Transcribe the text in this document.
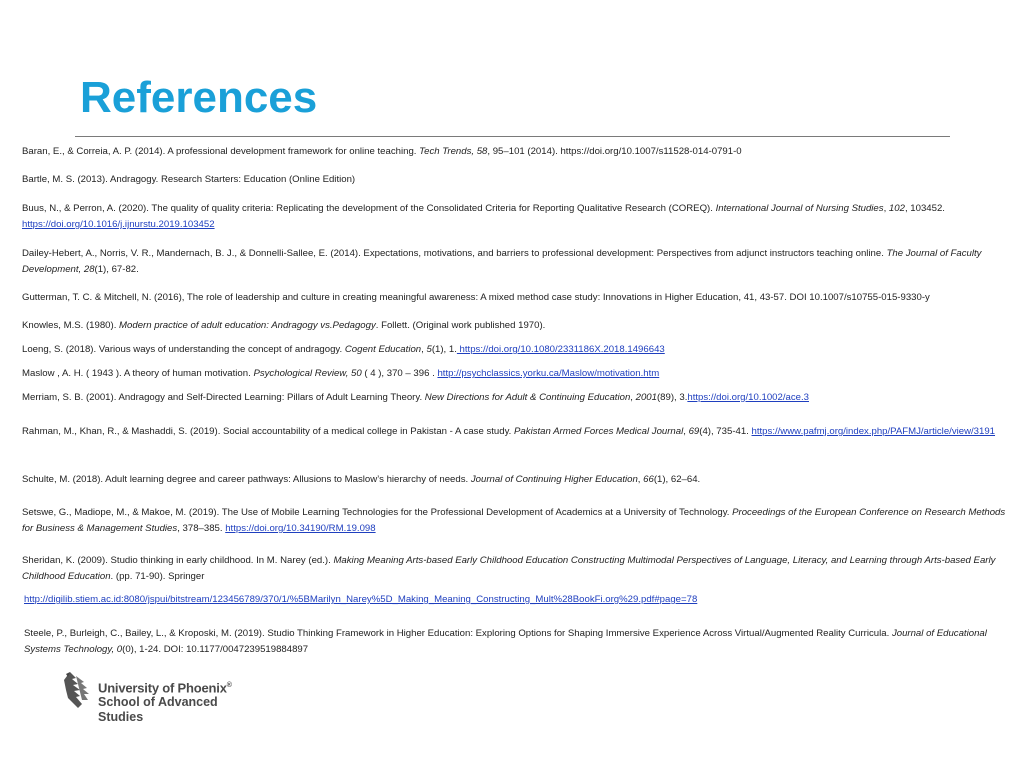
References

Baran, E., & Correia, A. P. (2014). A professional development framework for online teaching. Tech Trends, 58, 95–101 (2014). https://doi.org/10.1007/s11528-014-0791-0

Bartle, M. S. (2013). Andragogy. Research Starters: Education (Online Edition)

Buus, N., & Perron, A. (2020). The quality of quality criteria: Replicating the development of the Consolidated Criteria for Reporting Qualitative Research (COREQ). International Journal of Nursing Studies, 102, 103452. https://doi.org/10.1016/j.ijnurstu.2019.103452

Dailey-Hebert, A., Norris, V. R., Mandernach, B. J., & Donnelli-Sallee, E. (2014). Expectations, motivations, and barriers to professional development: Perspectives from adjunct instructors teaching online. The Journal of Faculty Development, 28(1), 67-82.

Gutterman, T. C. & Mitchell, N. (2016), The role of leadership and culture in creating meaningful awareness: A mixed method case study: Innovations in Higher Education, 41, 43-57. DOI 10.1007/s10755-015-9330-y

Knowles, M.S. (1980). Modern practice of adult education: Andragogy vs.Pedagogy. Follett. (Original work published 1970).

Loeng, S. (2018). Various ways of understanding the concept of andragogy. Cogent Education, 5(1), 1. https://doi.org/10.1080/2331186X.2018.1496643

Maslow , A. H. ( 1943 ). A theory of human motivation. Psychological Review, 50 ( 4 ), 370 – 396 . http://psychclassics.yorku.ca/Maslow/motivation.htm

Merriam, S. B. (2001). Andragogy and Self-Directed Learning: Pillars of Adult Learning Theory. New Directions for Adult & Continuing Education, 2001(89), 3.https://doi.org/10.1002/ace.3

Rahman, M., Khan, R., & Mashaddi, S. (2019). Social accountability of a medical college in Pakistan - A case study. Pakistan Armed Forces Medical Journal, 69(4), 735-41. https://www.pafmj.org/index.php/PAFMJ/article/view/3191

Schulte, M. (2018). Adult learning degree and career pathways: Allusions to Maslow’s hierarchy of needs. Journal of Continuing Higher Education, 66(1), 62–64.

Setswe, G., Madiope, M., & Makoe, M. (2019). The Use of Mobile Learning Technologies for the Professional Development of Academics at a University of Technology. Proceedings of the European Conference on Research Methods for Business & Management Studies, 378–385. https://doi.org/10.34190/RM.19.098

Sheridan, K. (2009). Studio thinking in early childhood. In M. Narey (ed.). Making Meaning Arts-based Early Childhood Education Constructing Multimodal Perspectives of Language, Literacy, and Learning through Arts-based Early Childhood Education. (pp. 71-90). Springer

http://digilib.stiem.ac.id:8080/jspui/bitstream/123456789/370/1/%5BMarilyn_Narey%5D_Making_Meaning_Constructing_Mult%28BookFi.org%29.pdf#page=78

Steele, P., Burleigh, C., Bailey, L., & Kroposki, M. (2019). Studio Thinking Framework in Higher Education: Exploring Options for Shaping Immersive Experience Across Virtual/Augmented Reality Curricula. Journal of Educational Systems Technology, 0(0), 1-24. DOI: 10.1177/0047239519884897

University of Phoenix®
School of Advanced
Studies
